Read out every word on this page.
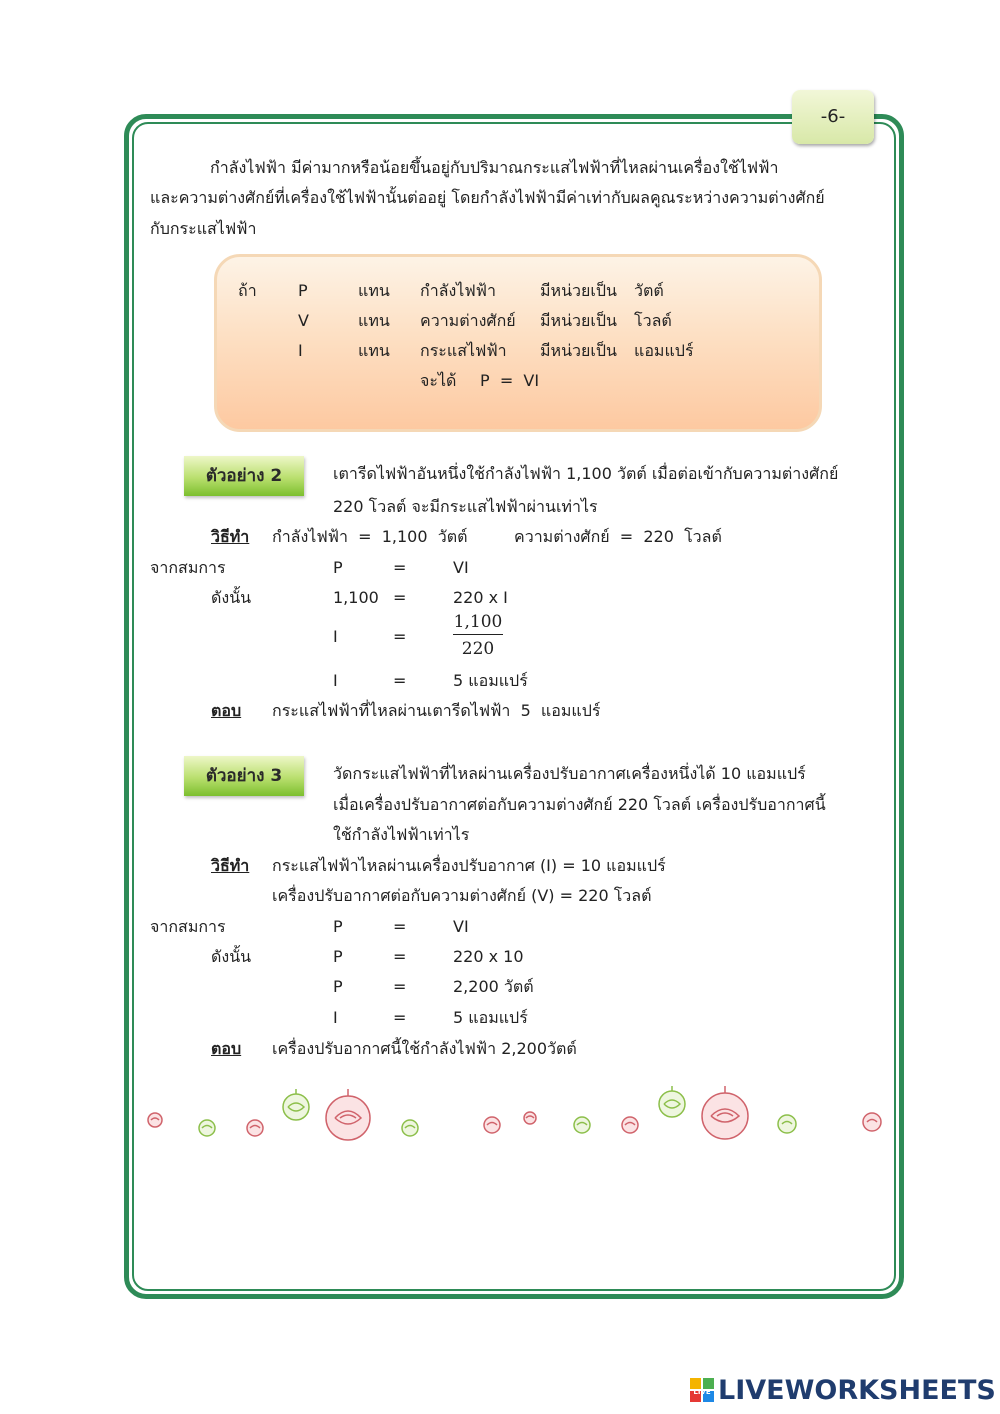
-6-
กำลังไฟฟ้า มีค่ามากหรือน้อยขึ้นอยู่กับปริมาณกระแสไฟฟ้าที่ไหลผ่านเครื่องใช้ไฟฟ้า
และความต่างศักย์ที่เครื่องใช้ไฟฟ้านั้นต่ออยู่ โดยกำลังไฟฟ้ามีค่าเท่ากับผลคูณระหว่างความต่างศักย์
กับกระแสไฟฟ้า
ถ้า	P	แทน กำลังไฟฟ้า	มีหน่วยเป็น วัตต์
V	แทน ความต่างศักย์ มีหน่วยเป็น โวลต์
I	แทน กระแสไฟฟ้า มีหน่วยเป็น แอมแปร์
จะได้ P  =  VI
ตัวอย่าง 2	เตารีดไฟฟ้าอันหนึ่งใช้กำลังไฟฟ้า 1,100 วัตต์ เมื่อต่อเข้ากับความต่างศักย์
220 โวลต์ จะมีกระแสไฟฟ้าผ่านเท่าไร
วิธีทำ กำลังไฟฟ้า  =  1,100  วัตต์	ความต่างศักย์  =  220  โวลต์
จากสมการ	P	=	VI
ดังนั้น	1,100 =	220 x I
I	=	$\frac{1,100}{220}$
I	=	5 แอมแปร์
ตอบ กระแสไฟฟ้าที่ไหลผ่านเตารีดไฟฟ้า  5  แอมแปร์
ตัวอย่าง 3	วัดกระแสไฟฟ้าที่ไหลผ่านเครื่องปรับอากาศเครื่องหนึ่งได้ 10 แอมแปร์
เมื่อเครื่องปรับอากาศต่อกับความต่างศักย์ 220 โวลต์ เครื่องปรับอากาศนี้
ใช้กำลังไฟฟ้าเท่าไร
วิธีทำ กระแสไฟฟ้าไหลผ่านเครื่องปรับอากาศ (I) = 10 แอมแปร์
เครื่องปรับอากาศต่อกับความต่างศักย์ (V) = 220 โวลต์
จากสมการ	P	=	VI
ดังนั้น	P	=	220 x 10
P	=	2,200 วัตต์
I	=	5 แอมแปร์
ตอบ เครื่องปรับอากาศนี้ใช้กำลังไฟฟ้า 2,200วัตต์
LIVE LIVEWORKSHEETS
